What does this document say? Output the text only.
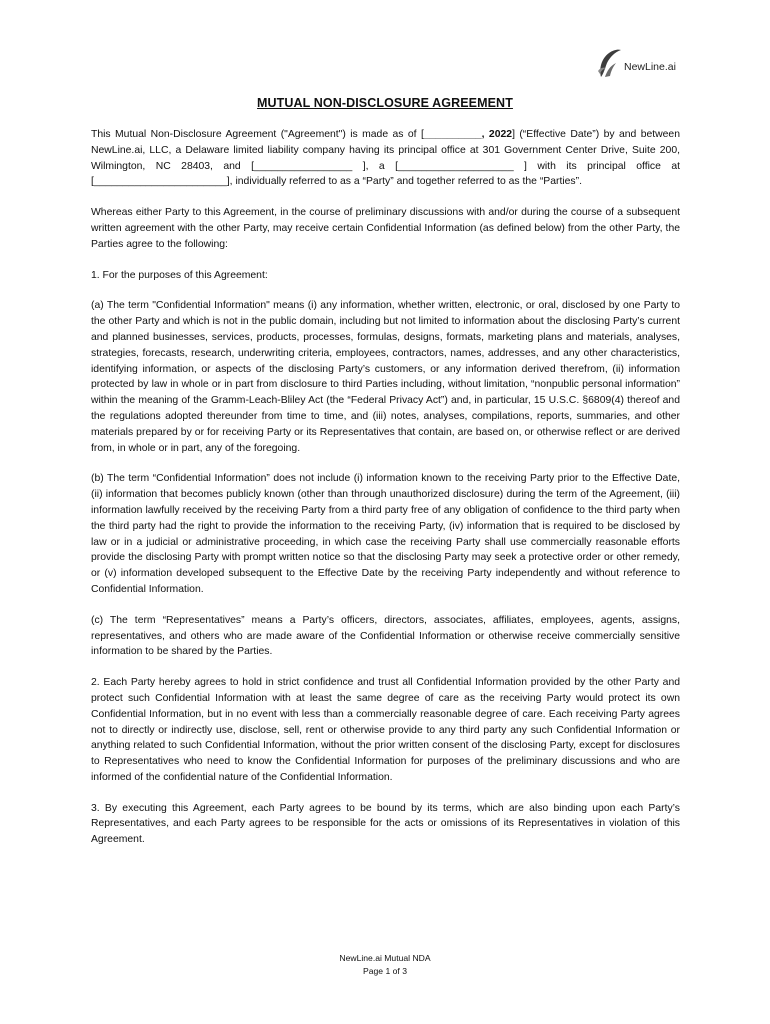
NewLine.ai
MUTUAL NON-DISCLOSURE AGREEMENT

This Mutual Non-Disclosure Agreement ("Agreement") is made as of [__________, 2022] (“Effective Date”) by and between NewLine.ai, LLC, a Delaware limited liability company having its principal office at 301 Government Center Drive, Suite 200, Wilmington, NC 28403, and [_________________ ], a [____________________ ] with its principal office at [_______________________], individually referred to as a “Party” and together referred to as the “Parties”.

Whereas either Party to this Agreement, in the course of preliminary discussions with and/or during the course of a subsequent written agreement with the other Party, may receive certain Confidential Information (as defined below) from the other Party, the Parties agree to the following:

1. For the purposes of this Agreement:

(a) The term "Confidential Information" means (i) any information, whether written, electronic, or oral, disclosed by one Party to the other Party and which is not in the public domain, including but not limited to information about the disclosing Party’s current and planned businesses, services, products, processes, formulas, designs, formats, marketing plans and materials, analyses, strategies, forecasts, research, underwriting criteria, employees, contractors, names, addresses, and any other characteristics, identifying information, or aspects of the disclosing Party’s customers, or any information derived therefrom, (ii) information protected by law in whole or in part from disclosure to third Parties including, without limitation, “nonpublic personal information” within the meaning of the Gramm-Leach-Bliley Act (the “Federal Privacy Act”) and, in particular, 15 U.S.C. §6809(4) thereof and the regulations adopted thereunder from time to time, and (iii) notes, analyses, compilations, reports, summaries, and other materials prepared by or for receiving Party or its Representatives that contain, are based on, or otherwise reflect or are derived from, in whole or in part, any of the foregoing.

(b) The term “Confidential Information” does not include (i) information known to the receiving Party prior to the Effective Date, (ii) information that becomes publicly known (other than through unauthorized disclosure) during the term of the Agreement, (iii) information lawfully received by the receiving Party from a third party free of any obligation of confidence to the third party when the third party had the right to provide the information to the receiving Party, (iv) information that is required to be disclosed by law or in a judicial or administrative proceeding, in which case the receiving Party shall use commercially reasonable efforts provide the disclosing Party with prompt written notice so that the disclosing Party may seek a protective order or other remedy, or (v) information developed subsequent to the Effective Date by the receiving Party independently and without reference to Confidential Information.

(c) The term “Representatives” means a Party’s officers, directors, associates, affiliates, employees, agents, assigns, representatives, and others who are made aware of the Confidential Information or otherwise receive commercially sensitive information to be shared by the Parties.

2. Each Party hereby agrees to hold in strict confidence and trust all Confidential Information provided by the other Party and protect such Confidential Information with at least the same degree of care as the receiving Party would protect its own Confidential Information, but in no event with less than a commercially reasonable degree of care. Each receiving Party agrees not to directly or indirectly use, disclose, sell, rent or otherwise provide to any third party any such Confidential Information or anything related to such Confidential Information, without the prior written consent of the disclosing Party, except for disclosures to Representatives who need to know the Confidential Information for purposes of the preliminary discussions and who are informed of the confidential nature of the Confidential Information.

3. By executing this Agreement, each Party agrees to be bound by its terms, which are also binding upon each Party’s Representatives, and each Party agrees to be responsible for the acts or omissions of its Representatives in violation of this Agreement.

NewLine.ai Mutual NDA
Page 1 of 3
